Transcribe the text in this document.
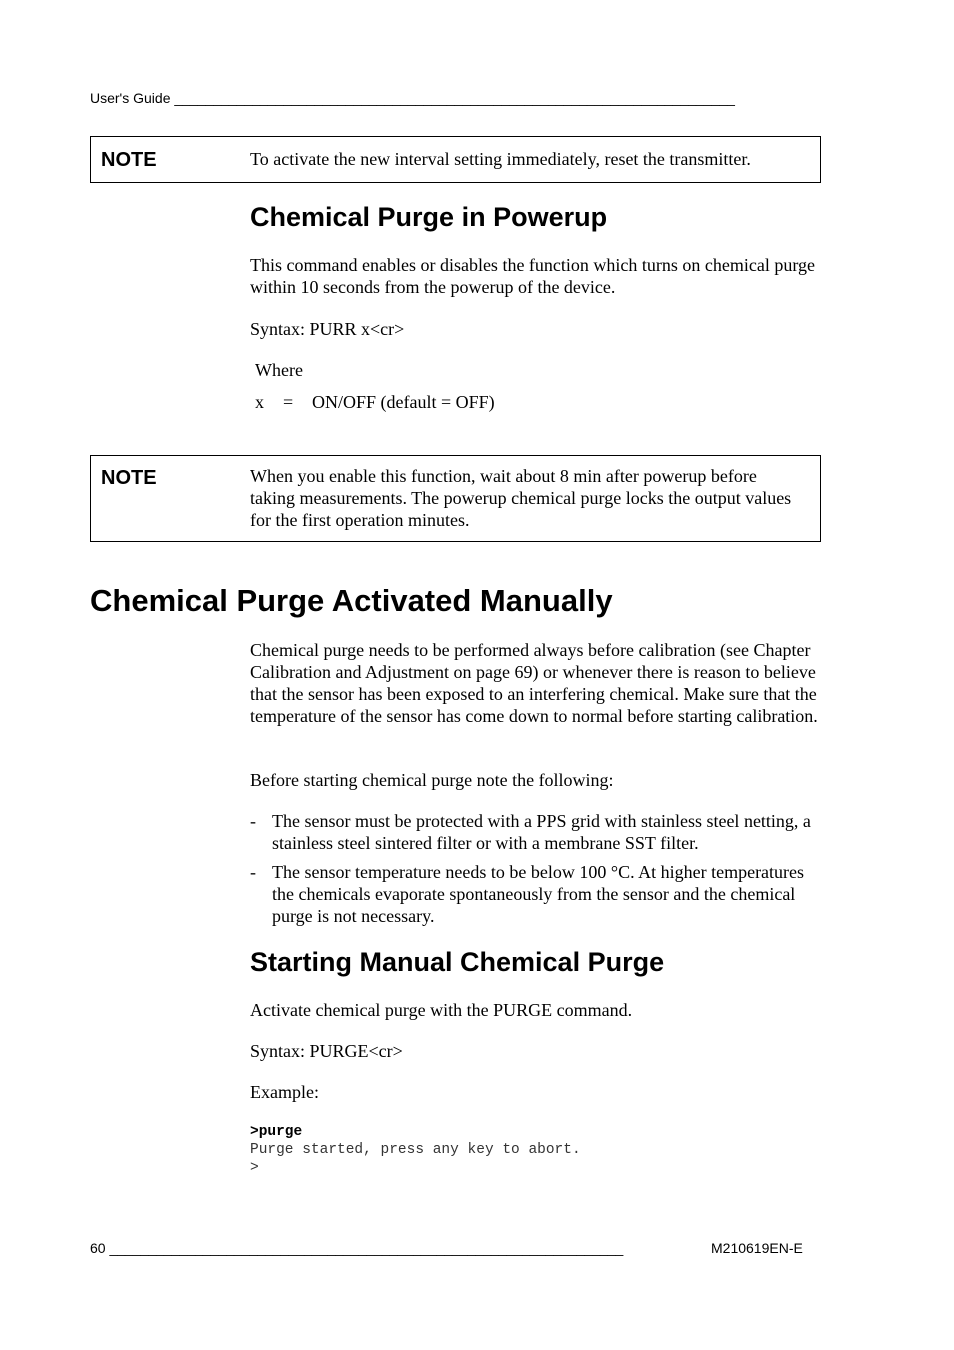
User's Guide ________________________________________________________________________
NOTE	To activate the new interval setting immediately, reset the transmitter.
Chemical Purge in Powerup
This command enables or disables the function which turns on chemical purge within 10 seconds from the powerup of the device.
Syntax: PURR x<cr>
Where
x = ON/OFF (default = OFF)
NOTE	When you enable this function, wait about 8 min after powerup before taking measurements. The powerup chemical purge locks the output values for the first operation minutes.
Chemical Purge Activated Manually
Chemical purge needs to be performed always before calibration (see Chapter Calibration and Adjustment on page 69) or whenever there is reason to believe that the sensor has been exposed to an interfering chemical. Make sure that the temperature of the sensor has come down to normal before starting calibration.
Before starting chemical purge note the following:
- The sensor must be protected with a PPS grid with stainless steel netting, a stainless steel sintered filter or with a membrane SST filter.
- The sensor temperature needs to be below 100 °C. At higher temperatures the chemicals evaporate spontaneously from the sensor and the chemical purge is not necessary.
Starting Manual Chemical Purge
Activate chemical purge with the PURGE command.
Syntax: PURGE<cr>
Example:
>purge
Purge started, press any key to abort.
>
60 __________________________________________________________________	M210619EN-E
